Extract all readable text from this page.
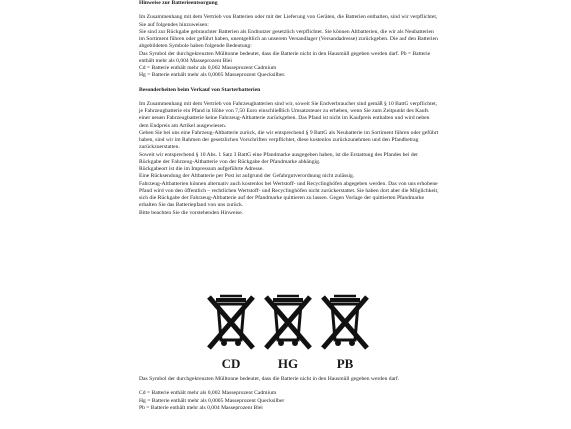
Hinweise zur Batterieentsorgung

Im Zusammenhang mit dem Vertrieb von Batterien oder mit der Lieferung von Geräten, die Batterien enthalten, sind wir verpflichtet, Sie auf folgendes hinzuweisen:

Sie sind zur Rückgabe gebrauchter Batterien als Endnutzer gesetzlich verpflichtet. Sie können Altbatterien, die wir als Neubatterien im Sortiment führen oder geführt haben, unentgeltlich an unserem Versandlager (Versandadresse) zurückgeben. Die auf den Batterien abgebildeten Symbole haben folgende Bedeutung:

Das Symbol der durchgekreuzten Mülltonne bedeutet, dass die Batterie nicht in den Hausmüll gegeben werden darf. Pb = Batterie enthält mehr als 0,004 Masseprozent Blei

Cd = Batterie enthält mehr als 0,002 Masseprozent Cadmium

Hg = Batterie enthält mehr als 0,0005 Masseprozent Quecksilber.

Besonderheiten beim Verkauf von Starterbatterien

Im Zusammenhang mit dem Vertrieb von Fahrzeugbatterien sind wir, soweit Sie Endverbraucher sind gemäß § 10 BattG verpflichtet, je Fahrzeugbatterie ein Pfand in Höhe von 7,50 Euro einschließlich Umsatzsteuer zu erheben, wenn Sie zum Zeitpunkt des Kaufs einer neuen Fahrzeugbatterie keine Fahrzeug-Altbatterie zurückgeben. Das Pfand ist nicht im Kaufpreis enthalten und wird neben dem Endpreis am Artikel ausgewiesen.

Geben Sie bei uns eine Fahrzeug-Altbatterie zurück, die wir entsprechend § 9 BattG als Neubatterie im Sortiment führen oder geführt haben, sind wir im Rahmen der gesetzlichen Vorschriften verpflichtet, diese kostenlos zurückzunehmen und den Pfandbetrag zurückzuerstatten.

Soweit wir entsprechend § 10 Abs. 1 Satz 3 BattG eine Pfandmarke ausgegeben haben, ist die Erstattung des Pfandes bei der Rückgabe der Fahrzeug-Altbatterie von der Rückgabe der Pfandmarke abhängig.

Rückgabeort ist die im Impressum aufgeführte Adresse.

Eine Rücksendung der Altbatterie per Post ist aufgrund der Gefahrgutverordnung nicht zulässig.

Fahrzeug-Altbatterien können alternativ auch kostenlos bei Wertstoff- und Recyclinghöfen abgegeben werden. Das von uns erhobene Pfand wird von den öffentlich – rechtlichen Wertstoff- und Recyclinghöfen nicht zurückerstattet. Sie haben dort aber die Möglichkeit, sich die Rückgabe der Fahrzeug-Altbatterie auf der Pfandmarke quittieren zu lassen. Gegen Vorlage der quittierten Pfandmarke erhalten Sie das Batteriepfand von uns zurück.

Bitte beachten Sie die vorstehenden Hinweise.

CD	HG	PB

Das Symbol der durchgekreuzten Mülltonne bedeutet, dass die Batterie nicht in den Hausmüll gegeben werden darf.

Cd = Batterie enthält mehr als 0,002 Masseprozent Cadmium

Hg = Batterie enthält mehr als 0,0005 Masseprozent Quecksilber

Pb = Batterie enthält mehr als 0,004 Masseprozent Blei
